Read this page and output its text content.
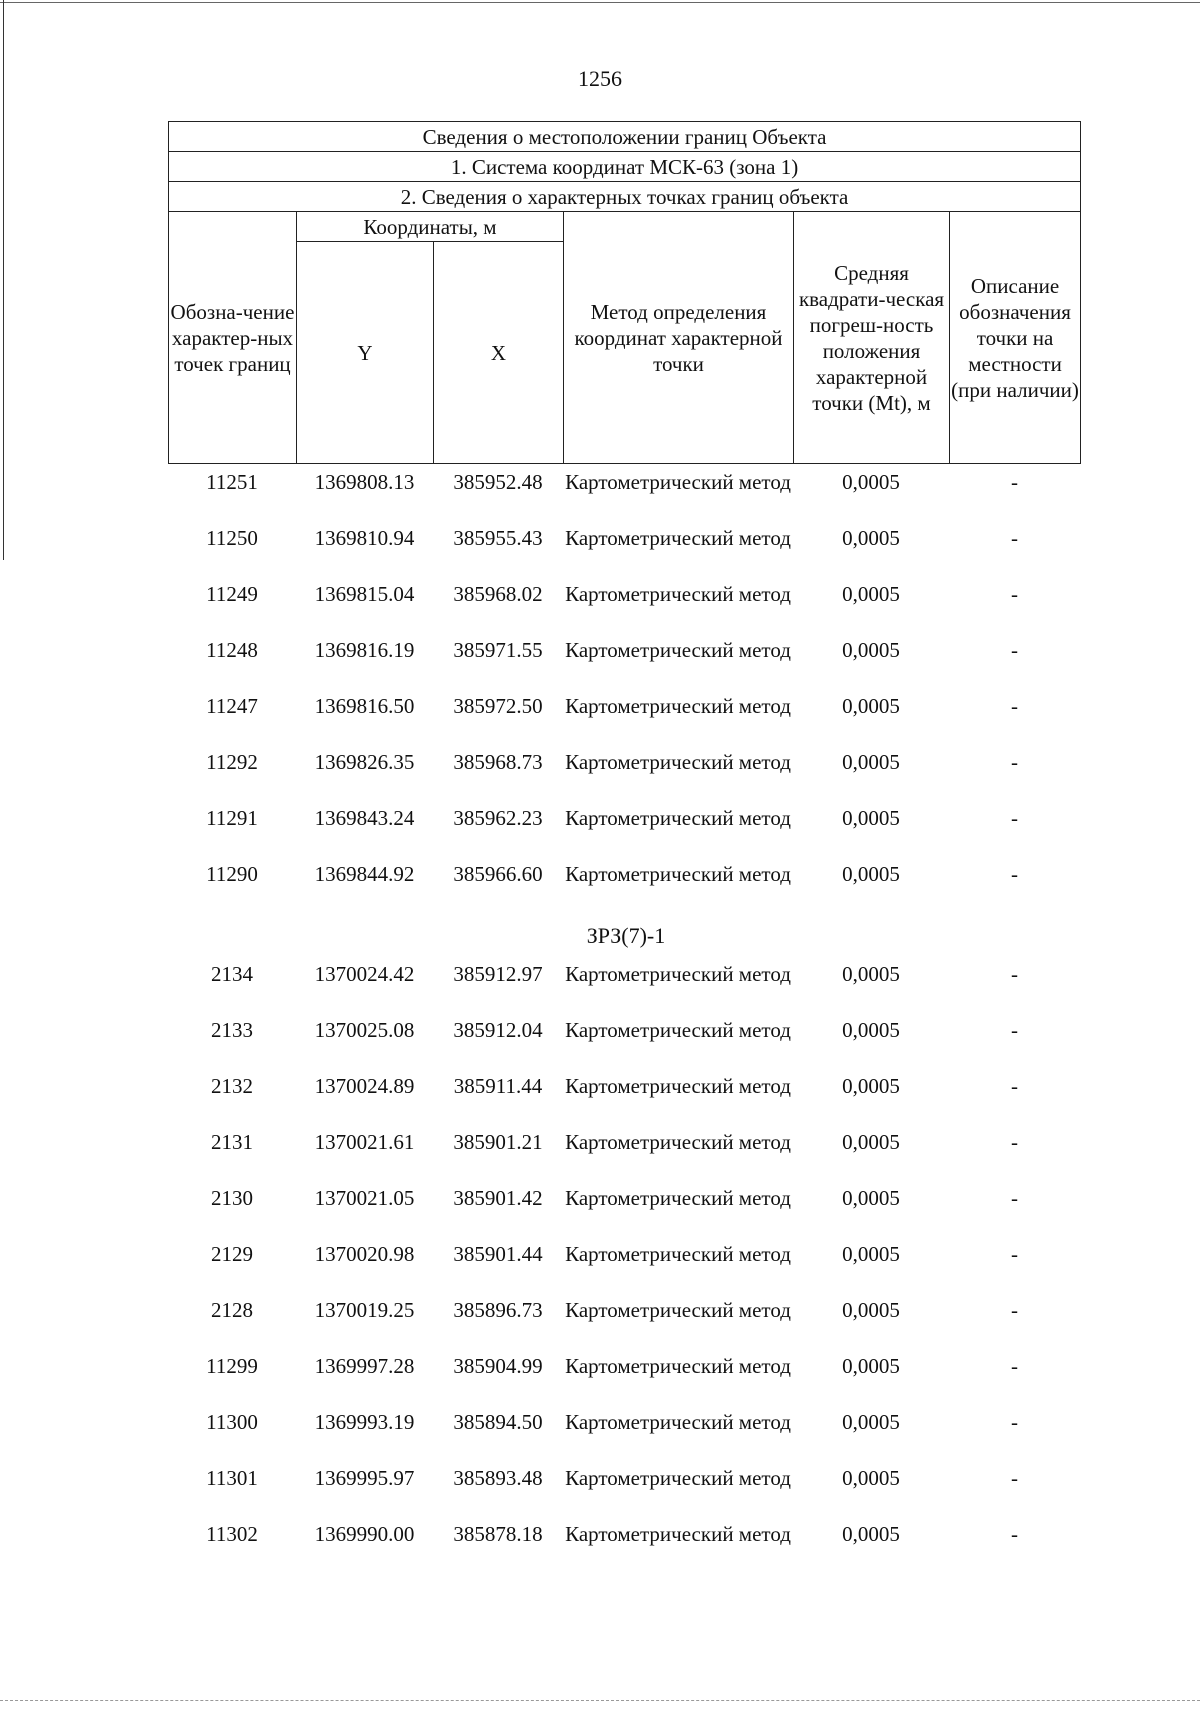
1256
Сведения о местоположении границ Объекта					
1. Система координат МСК-63 (зона 1)					
2. Сведения о характерных точках границ объекта					
Обозна-чение характер-ных точек границ	Координаты, м		Метод определения координат характерной точки	Средняя квадрати-ческая погреш-ность положения характерной точки (Mt), м	Описание обозначения точки на местности (при наличии)
	Y	X			
11251	1369808.13	385952.48	Картометрический метод	0,0005	-
11250	1369810.94	385955.43	Картометрический метод	0,0005	-
11249	1369815.04	385968.02	Картометрический метод	0,0005	-
11248	1369816.19	385971.55	Картометрический метод	0,0005	-
11247	1369816.50	385972.50	Картометрический метод	0,0005	-
11292	1369826.35	385968.73	Картометрический метод	0,0005	-
11291	1369843.24	385962.23	Картометрический метод	0,0005	-
11290	1369844.92	385966.60	Картометрический метод	0,0005	-
ЗРЗ(7)-1
2134	1370024.42	385912.97	Картометрический метод	0,0005	-
2133	1370025.08	385912.04	Картометрический метод	0,0005	-
2132	1370024.89	385911.44	Картометрический метод	0,0005	-
2131	1370021.61	385901.21	Картометрический метод	0,0005	-
2130	1370021.05	385901.42	Картометрический метод	0,0005	-
2129	1370020.98	385901.44	Картометрический метод	0,0005	-
2128	1370019.25	385896.73	Картометрический метод	0,0005	-
11299	1369997.28	385904.99	Картометрический метод	0,0005	-
11300	1369993.19	385894.50	Картометрический метод	0,0005	-
11301	1369995.97	385893.48	Картометрический метод	0,0005	-
11302	1369990.00	385878.18	Картометрический метод	0,0005	-
